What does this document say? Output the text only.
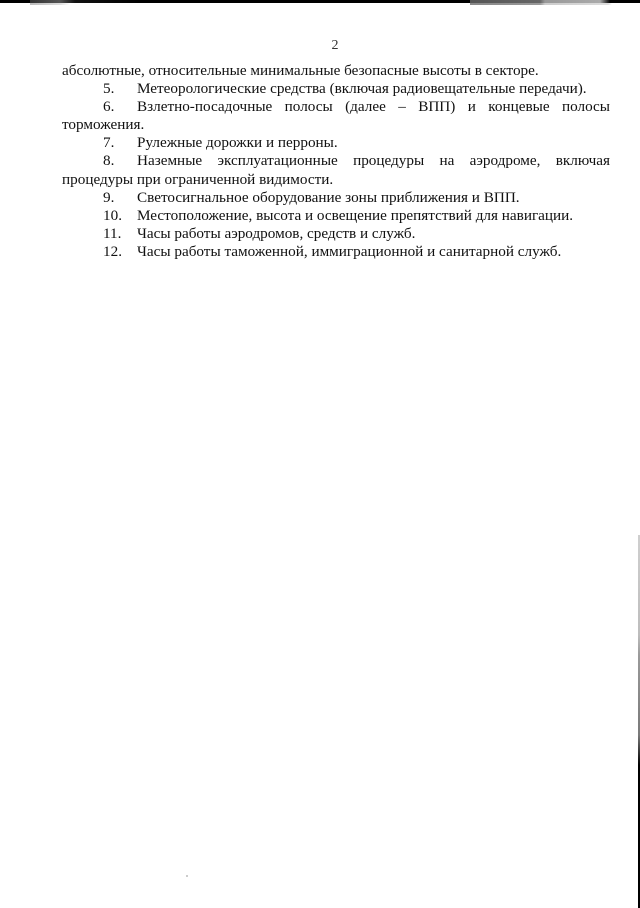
2

абсолютные, относительные минимальные безопасные высоты в секторе.

5. Метеорологические средства (включая радиовещательные передачи).
6. Взлетно-посадочные полосы (далее – ВПП) и концевые полосы
торможения.
7. Рулежные дорожки и перроны.
8. Наземные эксплуатационные процедуры на аэродроме, включая
процедуры при ограниченной видимости.
9. Светосигнальное оборудование зоны приближения и ВПП.
10. Местоположение, высота и освещение препятствий для навигации.
11. Часы работы аэродромов, средств и служб.
12. Часы работы таможенной, иммиграционной и санитарной служб.
